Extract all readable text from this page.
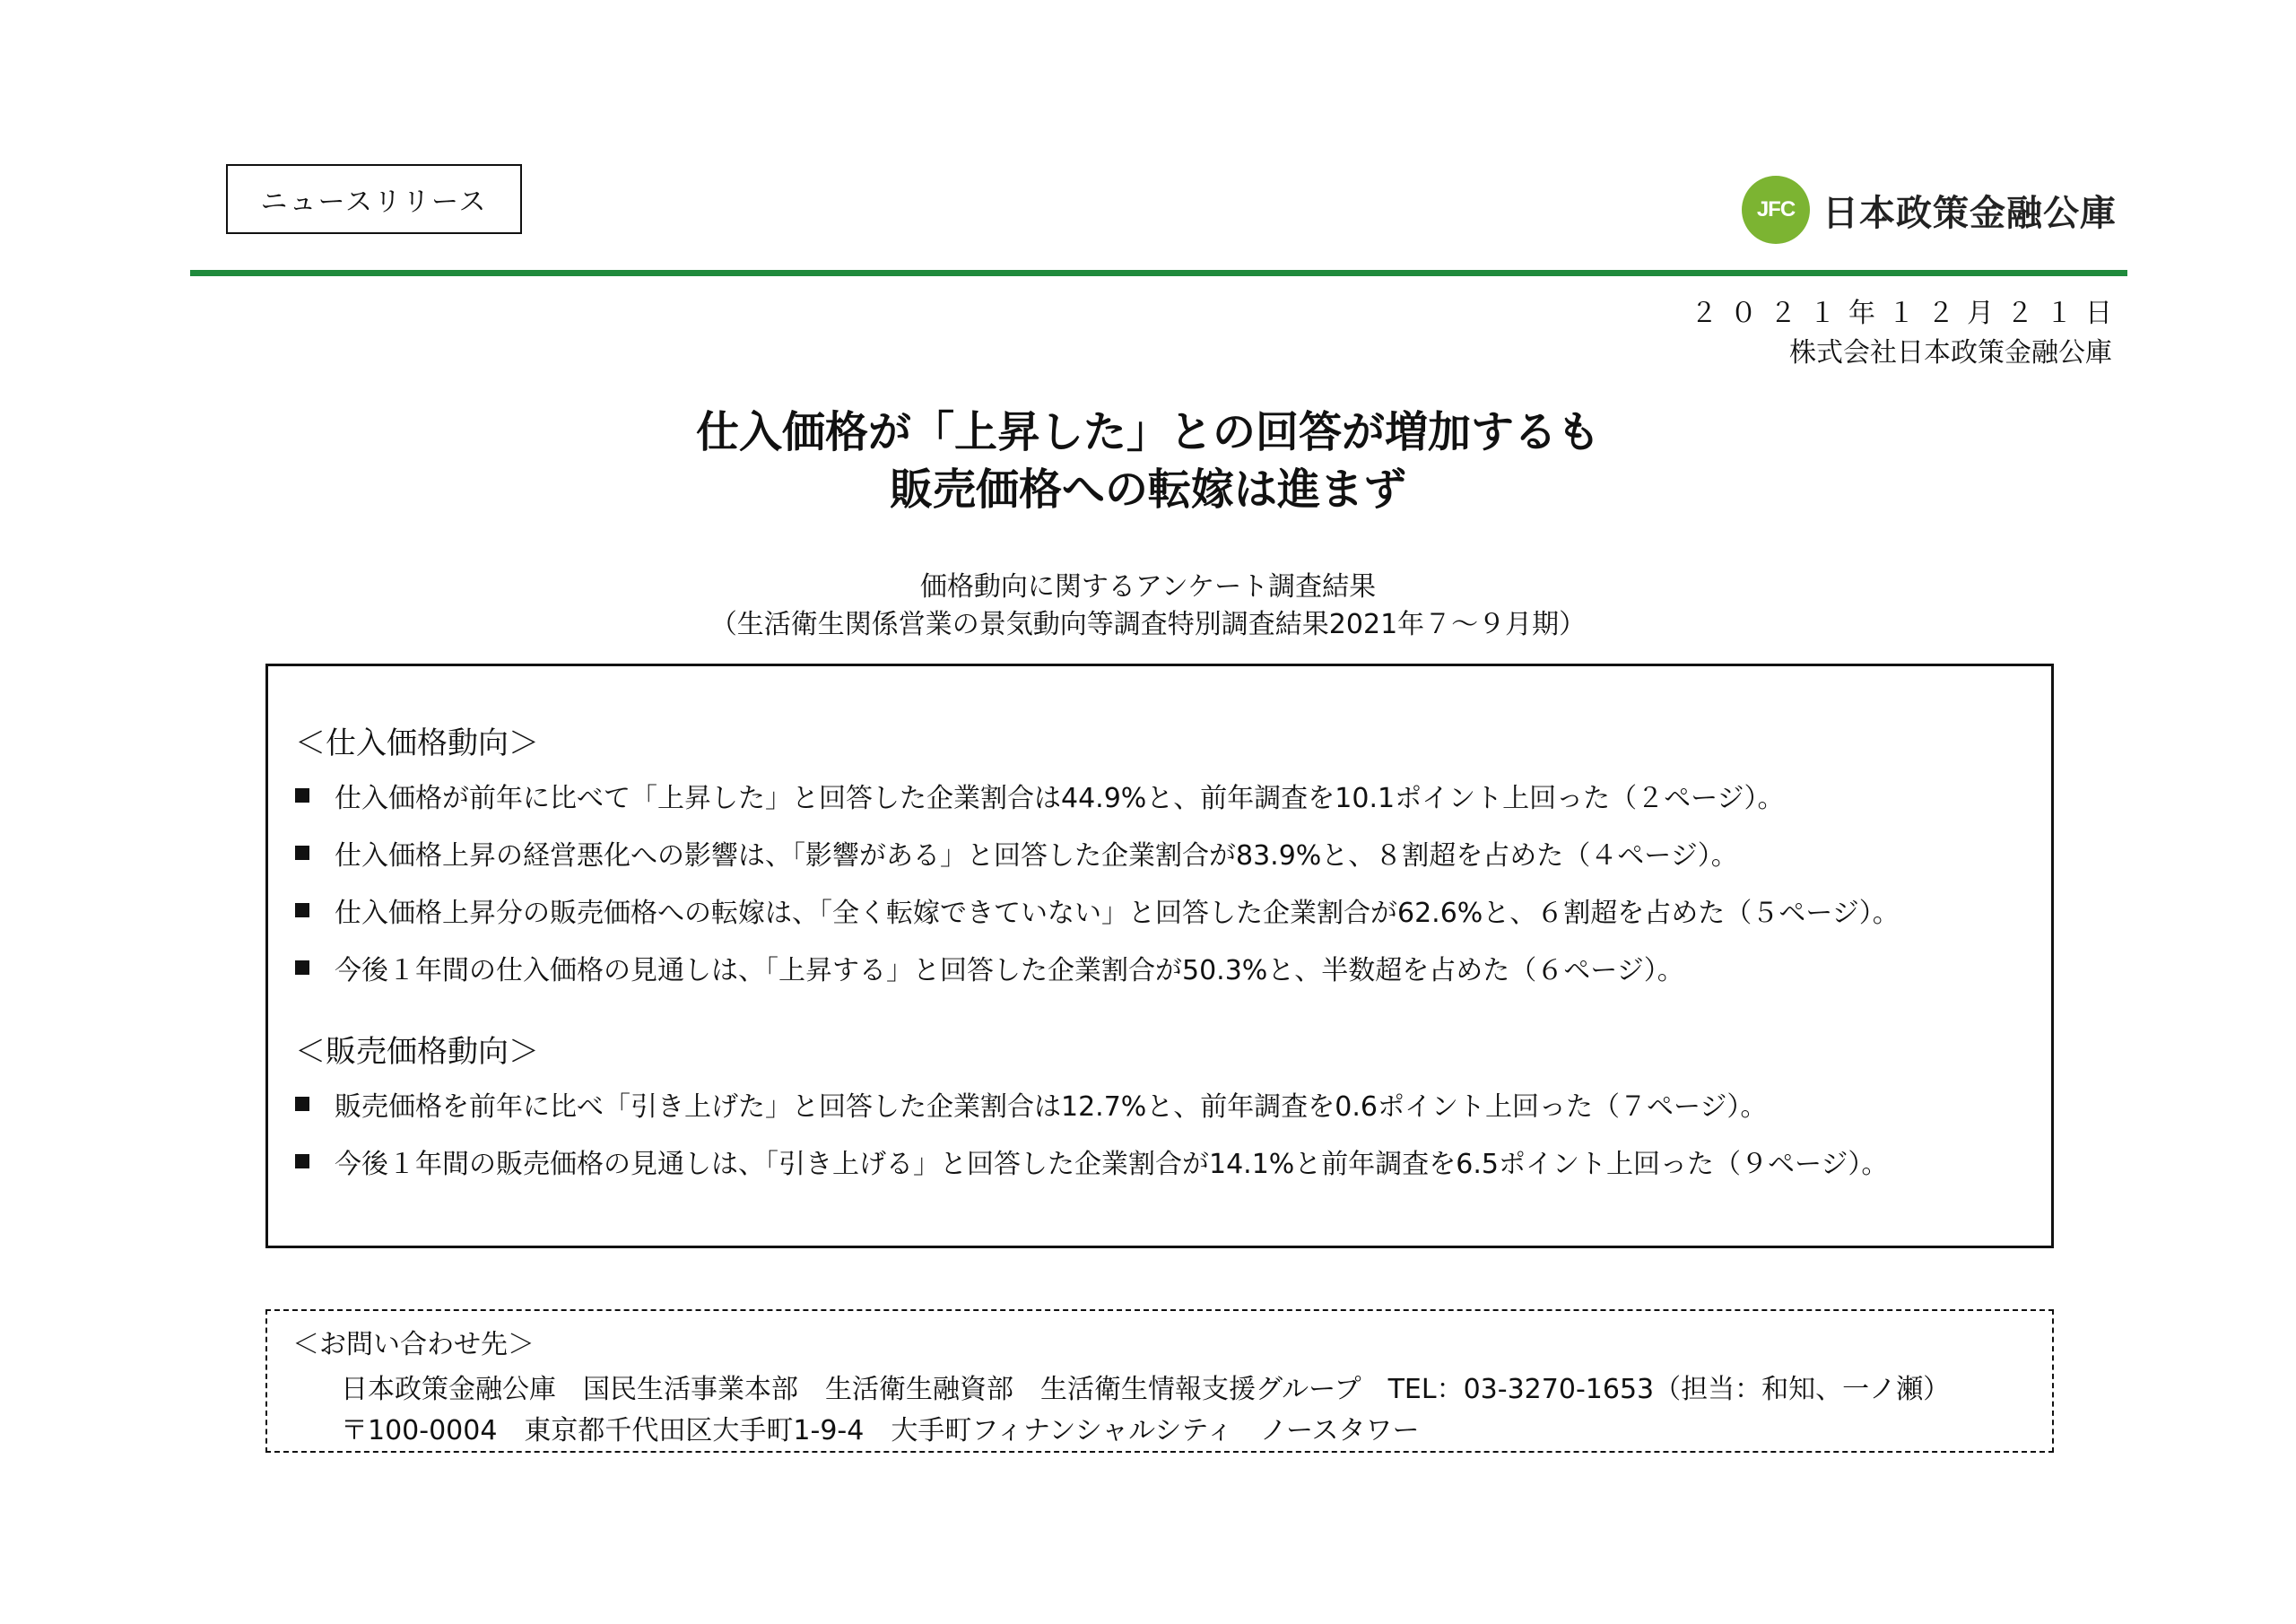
ニュースリリース	JFC 日本政策金融公庫
２０２１年１２月２１日
株式会社日本政策金融公庫
仕入価格が「上昇した」との回答が増加するも
販売価格への転嫁は進まず
価格動向に関するアンケート調査結果
（生活衛生関係営業の景気動向等調査特別調査結果2021年７～９月期）
＜仕入価格動向＞
仕入価格が前年に比べて「上昇した」と回答した企業割合は44.9%と、前年調査を10.1ポイント上回った（２ページ）。
仕入価格上昇の経営悪化への影響は、「影響がある」と回答した企業割合が83.9%と、８割超を占めた（４ページ）。
仕入価格上昇分の販売価格への転嫁は、「全く転嫁できていない」と回答した企業割合が62.6%と、６割超を占めた（５ページ）。
今後１年間の仕入価格の見通しは、「上昇する」と回答した企業割合が50.3%と、半数超を占めた（６ページ）。
＜販売価格動向＞
販売価格を前年に比べ「引き上げた」と回答した企業割合は12.7%と、前年調査を0.6ポイント上回った（７ページ）。
今後１年間の販売価格の見通しは、「引き上げる」と回答した企業割合が14.1%と前年調査を6.5ポイント上回った（９ページ）。
＜お問い合わせ先＞
日本政策金融公庫　国民生活事業本部　生活衛生融資部　生活衛生情報支援グループ　TEL：03-3270-1653（担当：和知、一ノ瀬）
〒100-0004　東京都千代田区大手町1-9-4　大手町フィナンシャルシティ　ノースタワー
